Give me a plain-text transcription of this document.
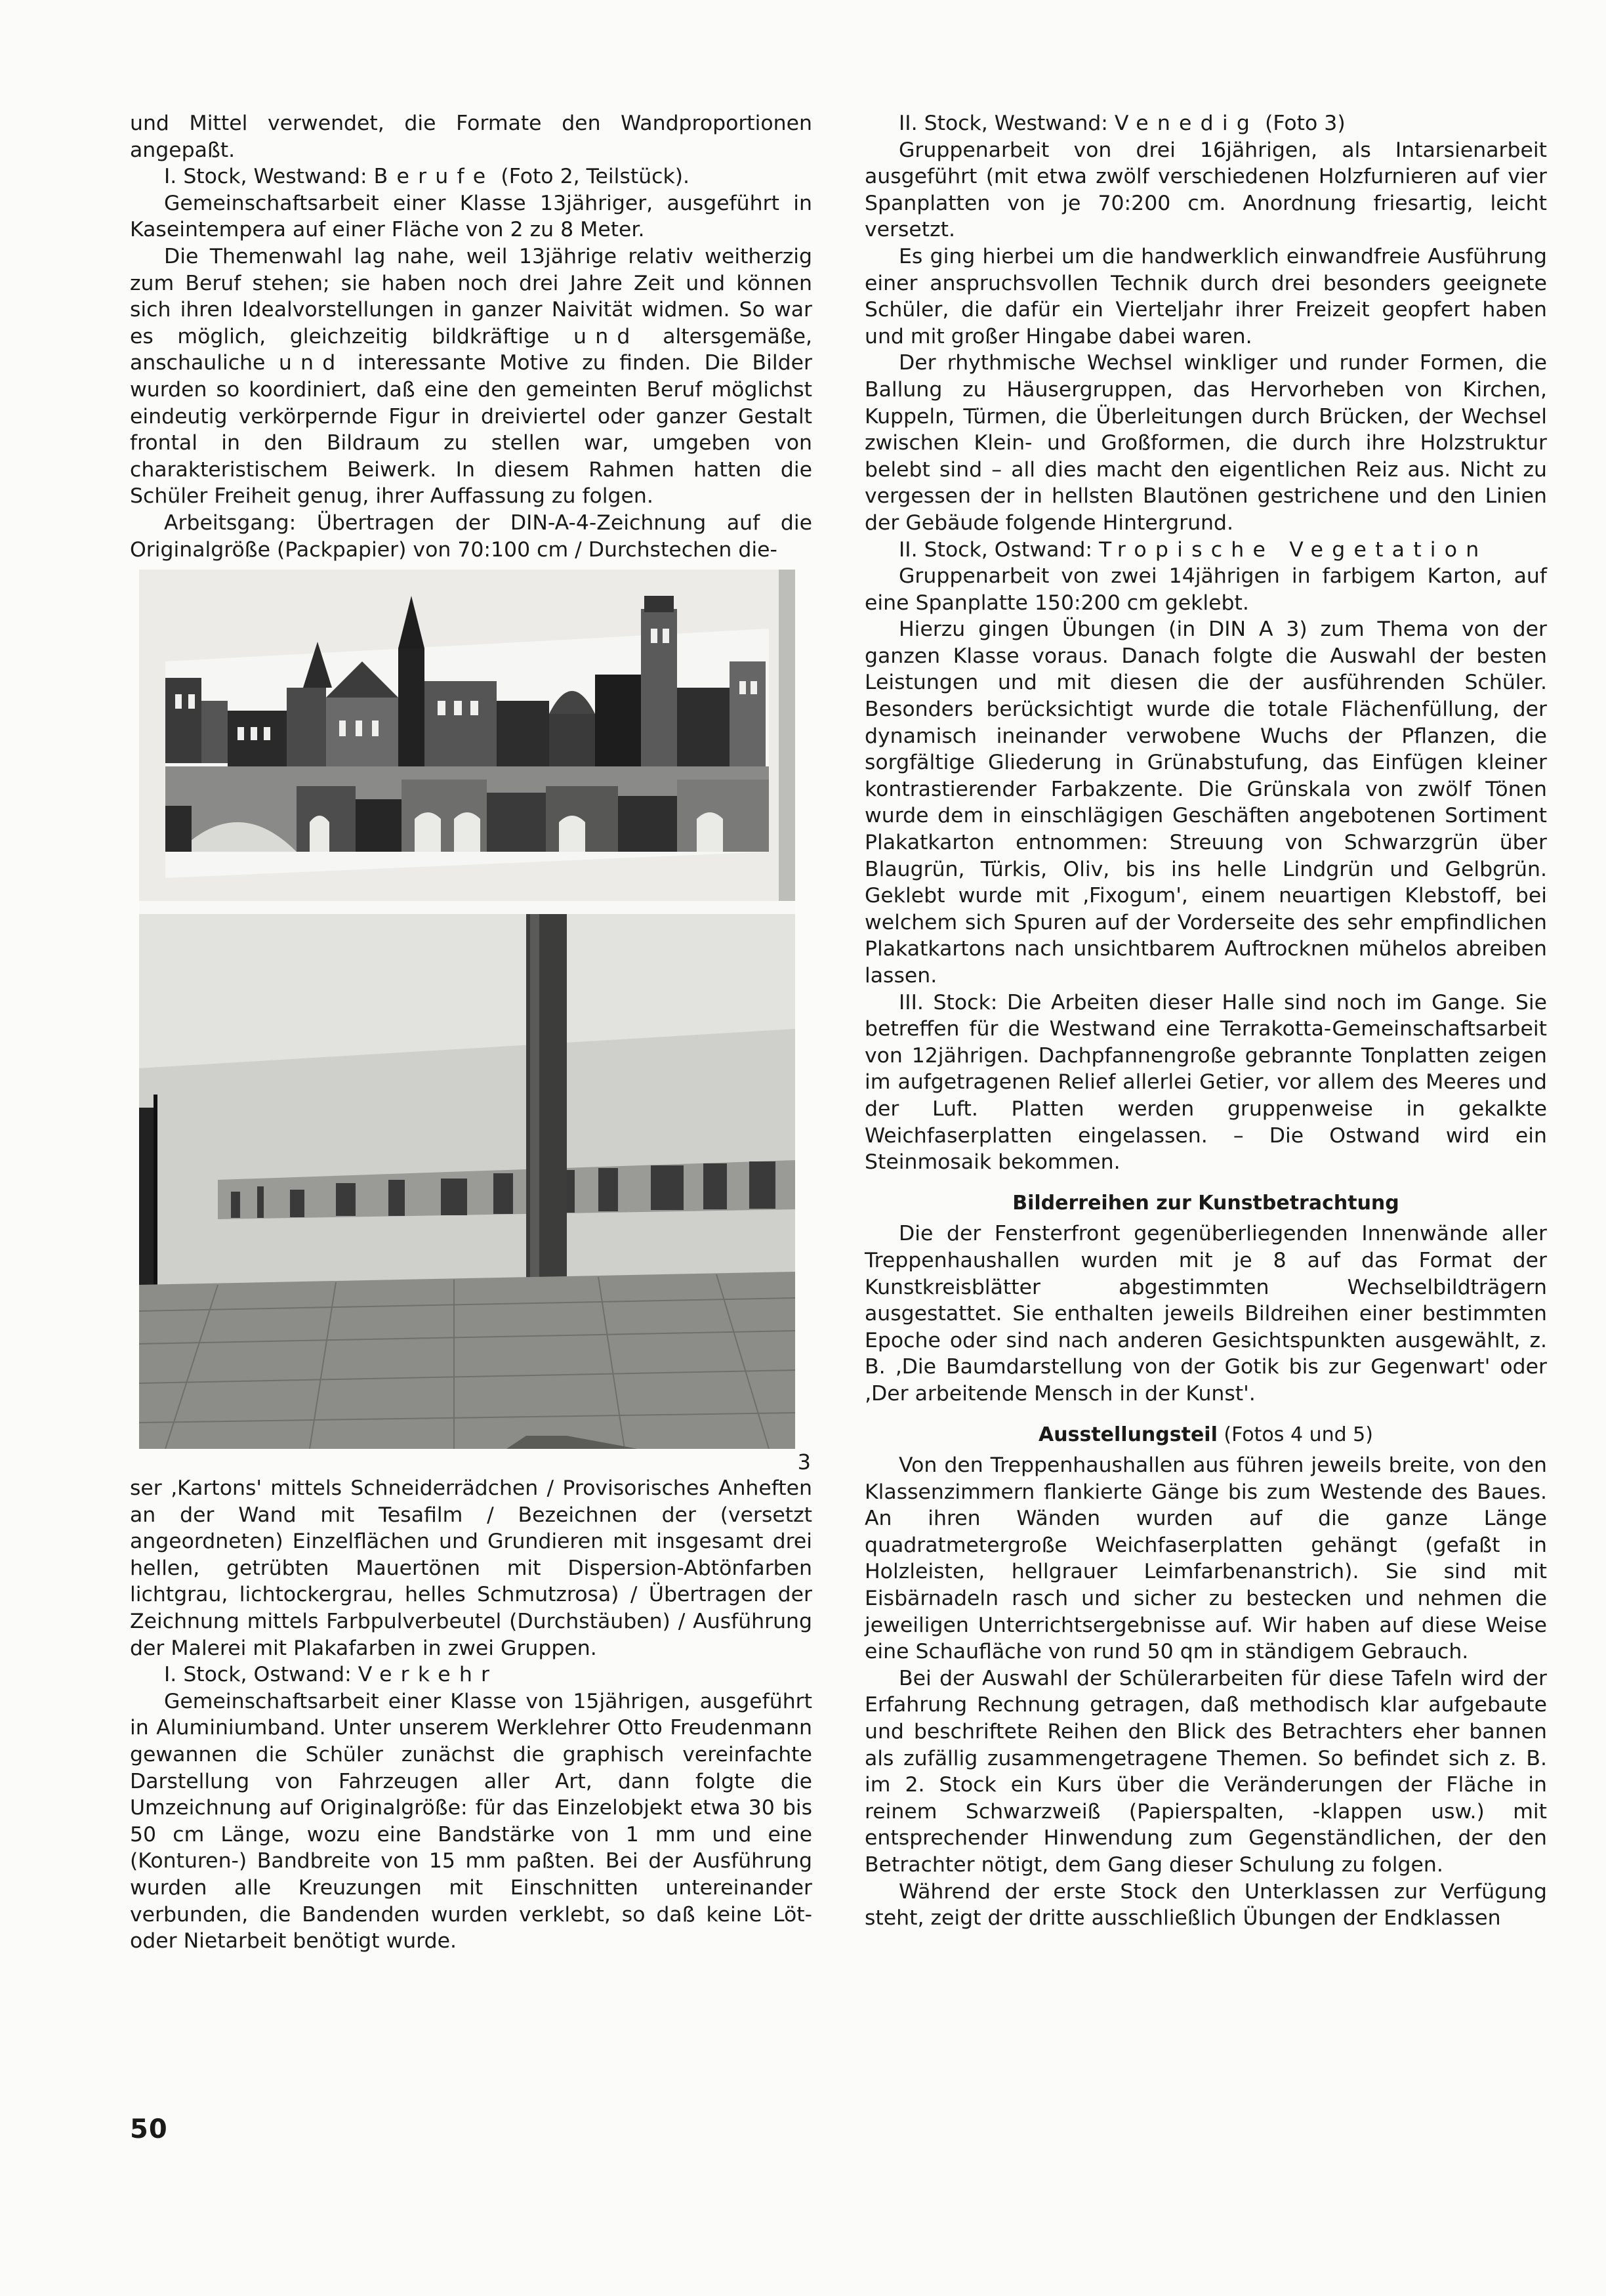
und Mittel verwendet, die Formate den Wandproportionen angepaßt.

I. Stock, Westwand: Berufe (Foto 2, Teilstück).

Gemeinschaftsarbeit einer Klasse 13jähriger, ausgeführt in Kaseintempera auf einer Fläche von 2 zu 8 Meter.

Die Themenwahl lag nahe, weil 13jährige relativ weitherzig zum Beruf stehen; sie haben noch drei Jahre Zeit und können sich ihren Idealvorstellungen in ganzer Naivität widmen. So war es möglich, gleichzeitig bildkräftige und altersgemäße, anschauliche und interessante Motive zu finden. Die Bilder wurden so koordiniert, daß eine den gemeinten Beruf möglichst eindeutig verkörpernde Figur in dreiviertel oder ganzer Gestalt frontal in den Bildraum zu stellen war, umgeben von charakteristischem Beiwerk. In diesem Rahmen hatten die Schüler Freiheit genug, ihrer Auffassung zu folgen.

Arbeitsgang: Übertragen der DIN-A-4-Zeichnung auf die Originalgröße (Packpapier) von 70:100 cm / Durchstechen die-

3

ser ‚Kartons' mittels Schneiderrädchen / Provisorisches Anheften an der Wand mit Tesafilm / Bezeichnen der (versetzt angeordneten) Einzelflächen und Grundieren mit insgesamt drei hellen, getrübten Mauertönen mit Dispersion-Abtönfarben lichtgrau, lichtockergrau, helles Schmutzrosa) / Übertragen der Zeichnung mittels Farbpulverbeutel (Durchstäuben) / Ausführung der Malerei mit Plakafarben in zwei Gruppen.

I. Stock, Ostwand: Verkehr

Gemeinschaftsarbeit einer Klasse von 15jährigen, ausgeführt in Aluminiumband. Unter unserem Werklehrer Otto Freudenmann gewannen die Schüler zunächst die graphisch vereinfachte Darstellung von Fahrzeugen aller Art, dann folgte die Umzeichnung auf Originalgröße: für das Einzelobjekt etwa 30 bis 50 cm Länge, wozu eine Bandstärke von 1 mm und eine (Konturen-) Bandbreite von 15 mm paßten. Bei der Ausführung wurden alle Kreuzungen mit Einschnitten untereinander verbunden, die Bandenden wurden verklebt, so daß keine Löt- oder Nietarbeit benötigt wurde.

II. Stock, Westwand: Venedig (Foto 3)

Gruppenarbeit von drei 16jährigen, als Intarsienarbeit ausgeführt (mit etwa zwölf verschiedenen Holzfurnieren auf vier Spanplatten von je 70:200 cm. Anordnung friesartig, leicht versetzt.

Es ging hierbei um die handwerklich einwandfreie Ausführung einer anspruchsvollen Technik durch drei besonders geeignete Schüler, die dafür ein Vierteljahr ihrer Freizeit geopfert haben und mit großer Hingabe dabei waren.

Der rhythmische Wechsel winkliger und runder Formen, die Ballung zu Häusergruppen, das Hervorheben von Kirchen, Kuppeln, Türmen, die Überleitungen durch Brücken, der Wechsel zwischen Klein- und Großformen, die durch ihre Holzstruktur belebt sind – all dies macht den eigentlichen Reiz aus. Nicht zu vergessen der in hellsten Blautönen gestrichene und den Linien der Gebäude folgende Hintergrund.

II. Stock, Ostwand: Tropische Vegetation

Gruppenarbeit von zwei 14jährigen in farbigem Karton, auf eine Spanplatte 150:200 cm geklebt.

Hierzu gingen Übungen (in DIN A 3) zum Thema von der ganzen Klasse voraus. Danach folgte die Auswahl der besten Leistungen und mit diesen die der ausführenden Schüler. Besonders berücksichtigt wurde die totale Flächenfüllung, der dynamisch ineinander verwobene Wuchs der Pflanzen, die sorgfältige Gliederung in Grünabstufung, das Einfügen kleiner kontrastierender Farbakzente. Die Grünskala von zwölf Tönen wurde dem in einschlägigen Geschäften angebotenen Sortiment Plakatkarton entnommen: Streuung von Schwarzgrün über Blaugrün, Türkis, Oliv, bis ins helle Lindgrün und Gelbgrün. Geklebt wurde mit ‚Fixogum', einem neuartigen Klebstoff, bei welchem sich Spuren auf der Vorderseite des sehr empfindlichen Plakatkartons nach unsichtbarem Auftrocknen mühelos abreiben lassen.

III. Stock: Die Arbeiten dieser Halle sind noch im Gange. Sie betreffen für die Westwand eine Terrakotta-Gemeinschaftsarbeit von 12jährigen. Dachpfannengroße gebrannte Tonplatten zeigen im aufgetragenen Relief allerlei Getier, vor allem des Meeres und der Luft. Platten werden gruppenweise in gekalkte Weichfaserplatten eingelassen. – Die Ostwand wird ein Steinmosaik bekommen.

Bilderreihen zur Kunstbetrachtung

Die der Fensterfront gegenüberliegenden Innenwände aller Treppenhaushallen wurden mit je 8 auf das Format der Kunstkreisblätter abgestimmten Wechselbildträgern ausgestattet. Sie enthalten jeweils Bildreihen einer bestimmten Epoche oder sind nach anderen Gesichtspunkten ausgewählt, z. B. ‚Die Baumdarstellung von der Gotik bis zur Gegenwart' oder ‚Der arbeitende Mensch in der Kunst'.

Ausstellungsteil (Fotos 4 und 5)

Von den Treppenhaushallen aus führen jeweils breite, von den Klassenzimmern flankierte Gänge bis zum Westende des Baues. An ihren Wänden wurden auf die ganze Länge quadratmetergroße Weichfaserplatten gehängt (gefaßt in Holzleisten, hellgrauer Leimfarbenanstrich). Sie sind mit Eisbärnadeln rasch und sicher zu bestecken und nehmen die jeweiligen Unterrichtsergebnisse auf. Wir haben auf diese Weise eine Schaufläche von rund 50 qm in ständigem Gebrauch.

Bei der Auswahl der Schülerarbeiten für diese Tafeln wird der Erfahrung Rechnung getragen, daß methodisch klar aufgebaute und beschriftete Reihen den Blick des Betrachters eher bannen als zufällig zusammengetragene Themen. So befindet sich z. B. im 2. Stock ein Kurs über die Veränderungen der Fläche in reinem Schwarzweiß (Papierspalten, -klappen usw.) mit entsprechender Hinwendung zum Gegenständlichen, der den Betrachter nötigt, dem Gang dieser Schulung zu folgen.

Während der erste Stock den Unterklassen zur Verfügung steht, zeigt der dritte ausschließlich Übungen der Endklassen

50
